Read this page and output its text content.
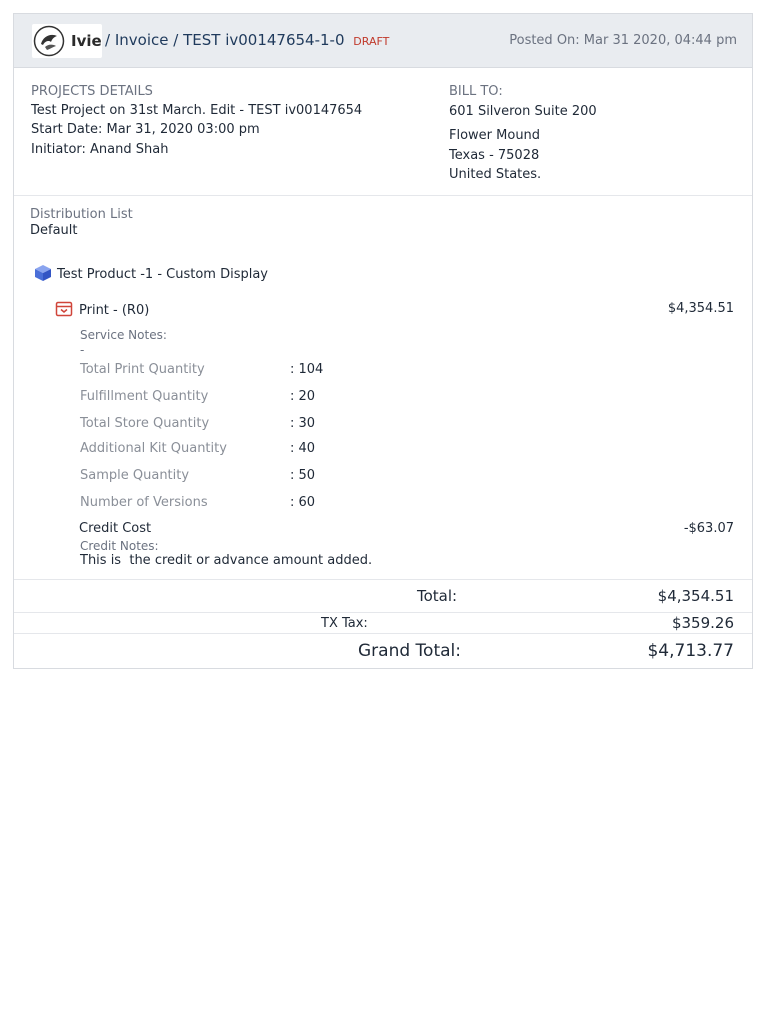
Ivie / Invoice / TEST iv00147654-1-0 DRAFT	Posted On: Mar 31 2020, 04:44 pm
PROJECTS DETAILS
Test Project on 31st March. Edit - TEST iv00147654
Start Date: Mar 31, 2020 03:00 pm
Initiator: Anand Shah
BILL TO:
601 Silveron Suite 200
Flower Mound
Texas - 75028
United States.
Distribution List
Default
Test Product -1 - Custom Display
Print - (R0)	$4,354.51
Service Notes:
-
Total Print Quantity	: 104
Fulfillment Quantity	: 20
Total Store Quantity	: 30
Additional Kit Quantity	: 40
Sample Quantity	: 50
Number of Versions	: 60
Credit Cost	-$63.07
Credit Notes:
This is  the credit or advance amount added.
Total:	$4,354.51
TX Tax:	$359.26
Grand Total:	$4,713.77
